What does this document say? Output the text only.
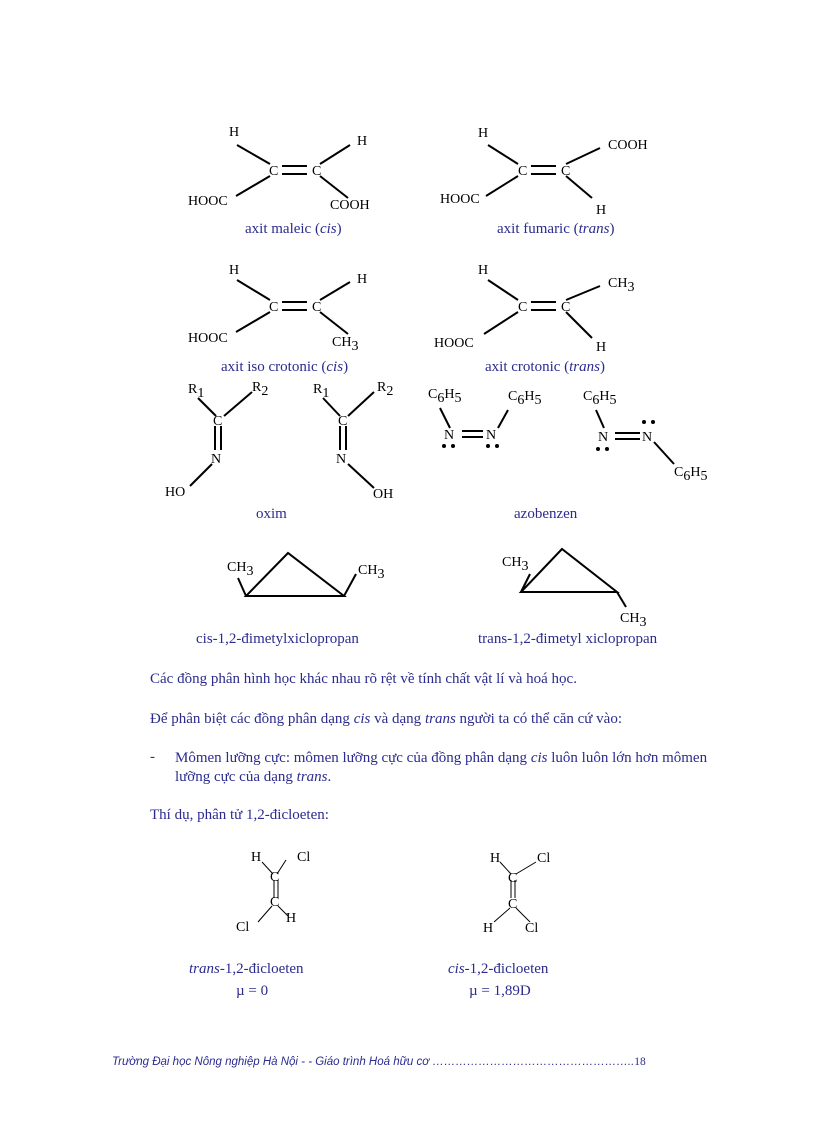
H
H
C C
HOOC	COOH
H
COOH
C C
HOOC
H
H
H
C C
HOOC	CH3
H
CH3
C C
HOOC	H
R1	R2
C
N
HO
R1	R2
C
N
OH
C6H5	C6H5
N N
C6H5
N N
C6H5
CH3	CH3
CH3
CH3
H	Cl
C
C
Cl
H
H	Cl
C
C
H Cl
axit maleic (cis)	axit fumaric (trans)
axit iso crotonic (cis)	axit crotonic (trans)
oxim	azobenzen
cis-1,2-đimetylxiclopropan	trans-1,2-đimetyl xiclopropan
Các đồng phân hình học khác nhau rõ rệt về tính chất vật lí và hoá học.
Để phân biệt các đồng phân dạng cis và dạng trans người ta có thể căn cứ vào:
- Mômen lưỡng cực: mômen lưỡng cực của đồng phân dạng cis luôn luôn lớn hơn mômen
lưỡng cực của dạng trans.
Thí dụ, phân tử 1,2-đicloeten:
trans-1,2-đicloeten
µ = 0
cis-1,2-đicloeten
µ = 1,89D
Trường Đại học Nông nghiệp Hà Nội - - Giáo trình Hoá hữu cơ ……………………………………………..18
